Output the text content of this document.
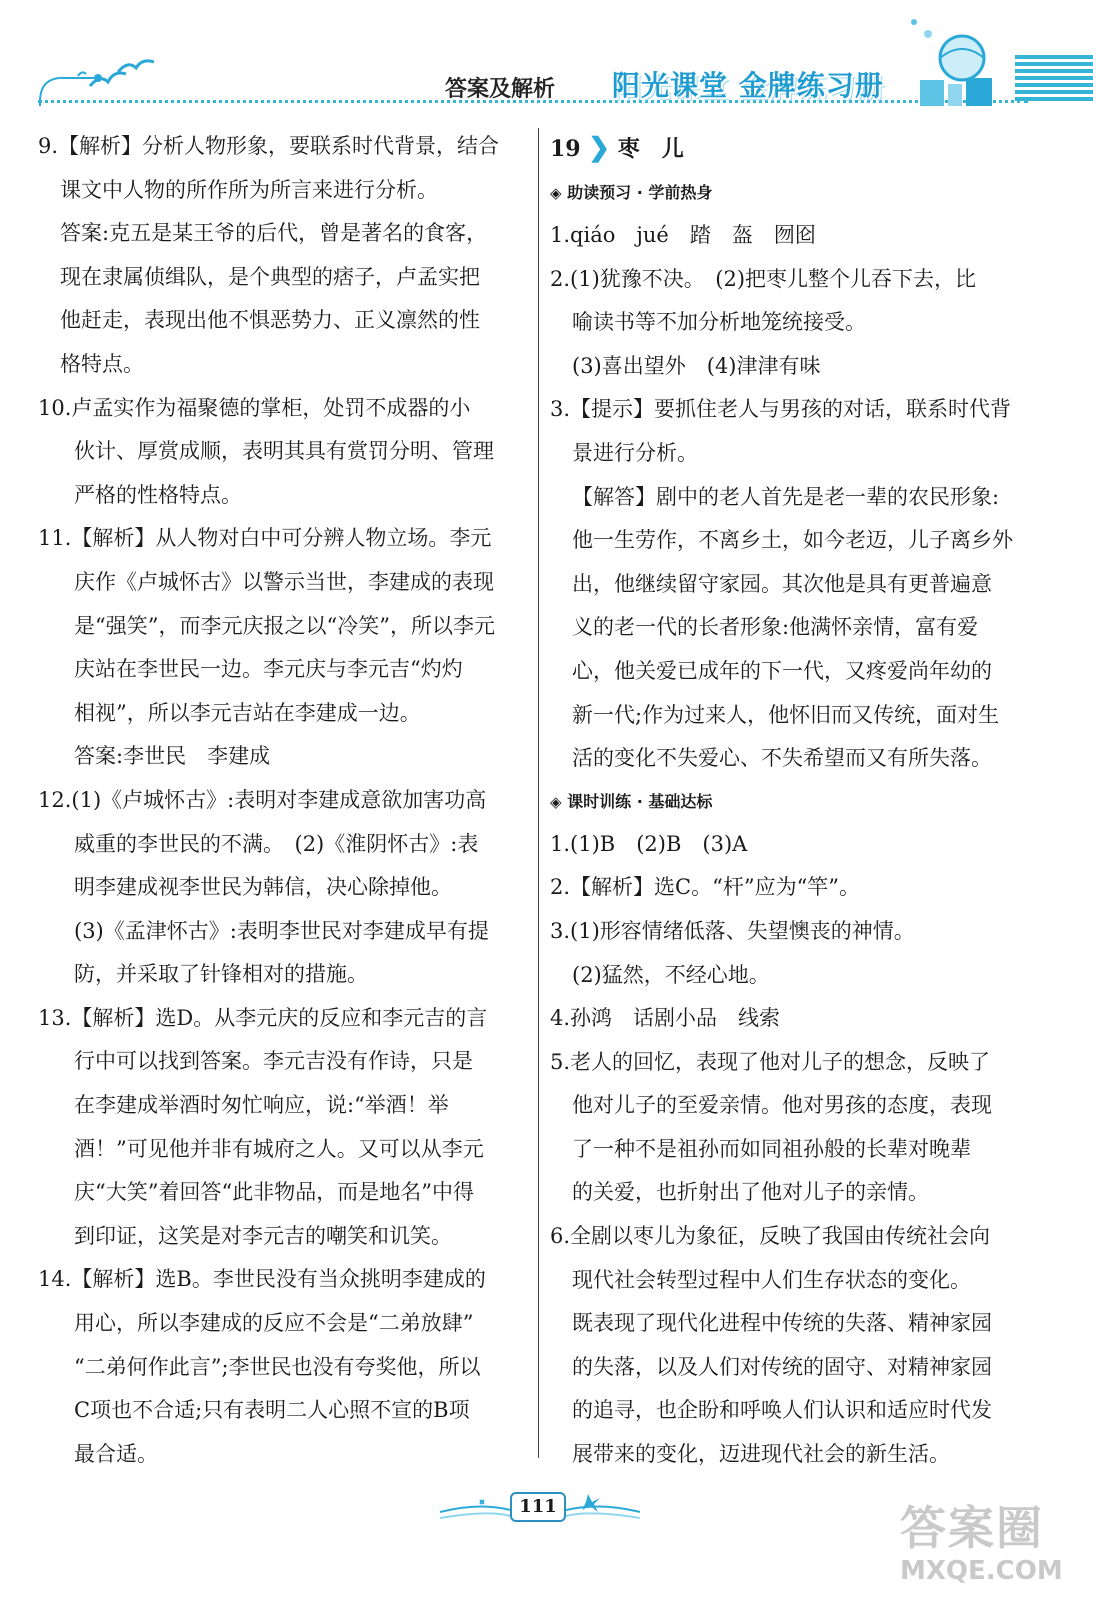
答案及解析 阳光课堂 金牌练习册
9.【解析】分析人物形象，要联系时代背景，结合
课文中人物的所作所为所言来进行分析。
答案:克五是某王爷的后代，曾是著名的食客，
现在隶属侦缉队，是个典型的痞子，卢孟实把
他赶走，表现出他不惧恶势力、正义凛然的性
格特点。
10.卢孟实作为福聚德的掌柜，处罚不成器的小
伙计、厚赏成顺，表明其具有赏罚分明、管理
严格的性格特点。
11.【解析】从人物对白中可分辨人物立场。李元
庆作《卢城怀古》以警示当世，李建成的表现
是“强笑”，而李元庆报之以“冷笑”，所以李元
庆站在李世民一边。李元庆与李元吉“灼灼
相视”，所以李元吉站在李建成一边。
答案:李世民　李建成
12.(1)《卢城怀古》:表明对李建成意欲加害功高
威重的李世民的不满。　(2)《淮阴怀古》:表
明李建成视李世民为韩信，决心除掉他。
(3)《孟津怀古》:表明李世民对李建成早有提
防，并采取了针锋相对的措施。
13.【解析】选D。从李元庆的反应和李元吉的言
行中可以找到答案。李元吉没有作诗，只是
在李建成举酒时匆忙响应，说:“举酒！举
酒！”可见他并非有城府之人。又可以从李元
庆“大笑”着回答“此非物品，而是地名”中得
到印证，这笑是对李元吉的嘲笑和讥笑。
14.【解析】选B。李世民没有当众挑明李建成的
用心，所以李建成的反应不会是“二弟放肆”
“二弟何作此言”;李世民也没有夸奖他，所以
C项也不合适;只有表明二人心照不宣的B项
最合适。
19 ❯ 枣　儿
◈ 助读预习 · 学前热身
1.qiáo　jué　踏　盔　囫囵
2.(1)犹豫不决。　(2)把枣儿整个儿吞下去，比
喻读书等不加分析地笼统接受。
(3)喜出望外　(4)津津有味
3.【提示】要抓住老人与男孩的对话，联系时代背
景进行分析。
【解答】剧中的老人首先是老一辈的农民形象:
他一生劳作，不离乡土，如今老迈，儿子离乡外
出，他继续留守家园。其次他是具有更普遍意
义的老一代的长者形象:他满怀亲情，富有爱
心，他关爱已成年的下一代，又疼爱尚年幼的
新一代;作为过来人，他怀旧而又传统，面对生
活的变化不失爱心、不失希望而又有所失落。
◈ 课时训练 · 基础达标
1.(1)B　(2)B　(3)A
2.【解析】选C。“杆”应为“竿”。
3.(1)形容情绪低落、失望懊丧的神情。
(2)猛然，不经心地。
4.孙鸿　话剧小品　线索
5.老人的回忆，表现了他对儿子的想念，反映了
他对儿子的至爱亲情。他对男孩的态度，表现
了一种不是祖孙而如同祖孙般的长辈对晚辈
的关爱，也折射出了他对儿子的亲情。
6.全剧以枣儿为象征，反映了我国由传统社会向
现代社会转型过程中人们生存状态的变化。
既表现了现代化进程中传统的失落、精神家园
的失落，以及人们对传统的固守、对精神家园
的追寻，也企盼和呼唤人们认识和适应时代发
展带来的变化，迈进现代社会的新生活。
111	答案圈
MXQE.COM
